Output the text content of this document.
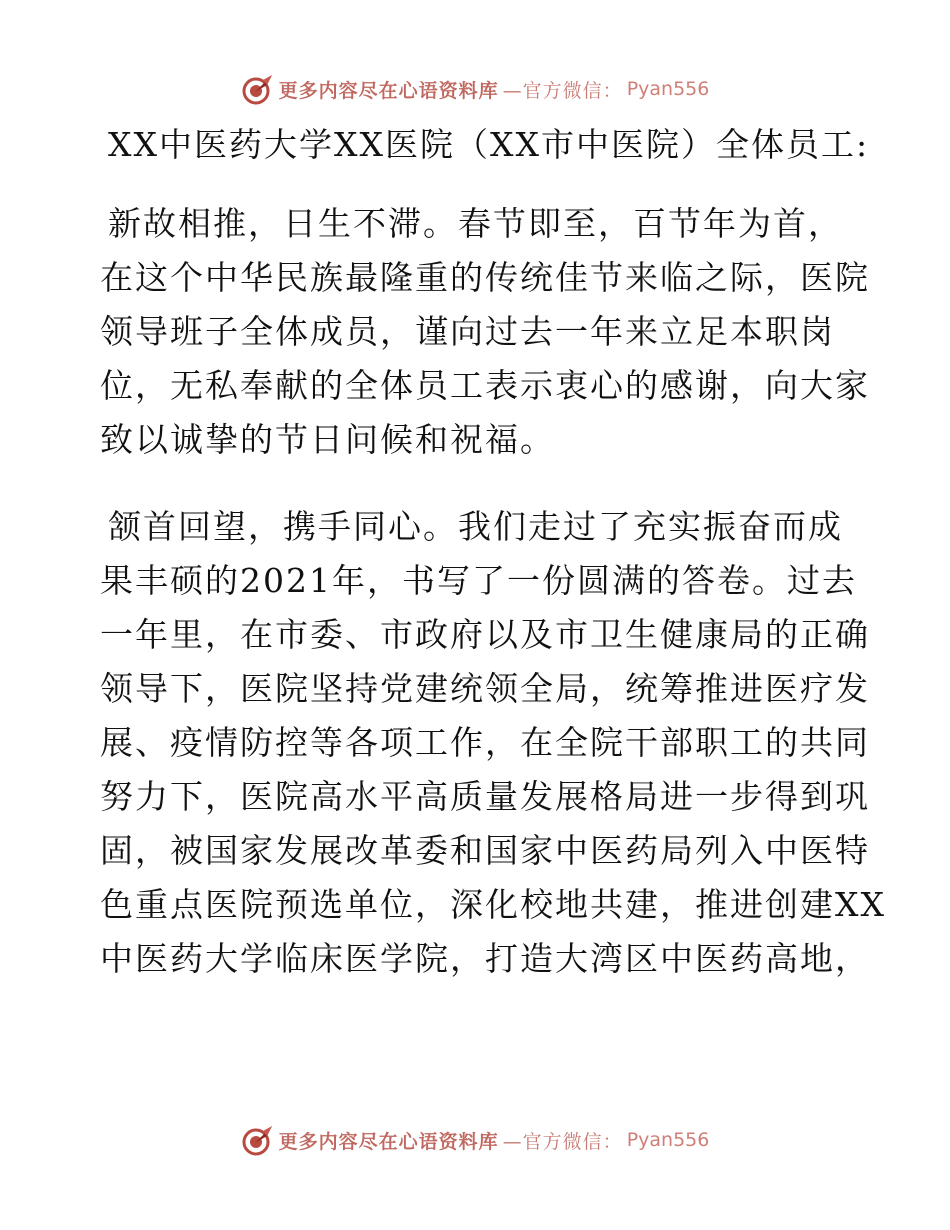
更多内容尽在心语资料库 —官方微信： Pyan556
XX中医药大学XX医院（XX市中医院）全体员工:
新故相推，日生不滞。春节即至，百节年为首，
在这个中华民族最隆重的传统佳节来临之际，医院
领导班子全体成员，谨向过去一年来立足本职岗
位，无私奉献的全体员工表示衷心的感谢，向大家
致以诚挚的节日问候和祝福。
颔首回望，携手同心。我们走过了充实振奋而成
果丰硕的2021年，书写了一份圆满的答卷。过去
一年里，在市委、市政府以及市卫生健康局的正确
领导下，医院坚持党建统领全局，统筹推进医疗发
展、疫情防控等各项工作，在全院干部职工的共同
努力下，医院高水平高质量发展格局进一步得到巩
固，被国家发展改革委和国家中医药局列入中医特
色重点医院预选单位，深化校地共建，推进创建XX
中医药大学临床医学院，打造大湾区中医药高地，
更多内容尽在心语资料库 —官方微信： Pyan556
